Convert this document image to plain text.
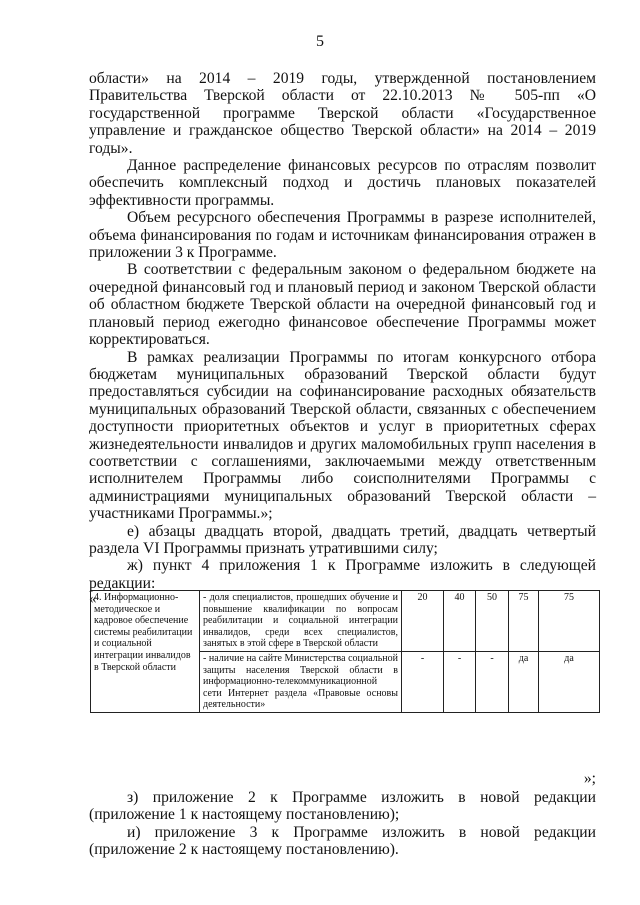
5

области» на 2014 – 2019 годы, утвержденной постановлением Правительства Тверской области от 22.10.2013 № 505-пп «О государственной программе Тверской области «Государственное управление и гражданское общество Тверской области» на 2014 – 2019 годы».

Данное распределение финансовых ресурсов по отраслям позволит обеспечить комплексный подход и достичь плановых показателей эффективности программы.

Объем ресурсного обеспечения Программы в разрезе исполнителей, объема финансирования по годам и источникам финансирования отражен в приложении 3 к Программе.

В соответствии с федеральным законом о федеральном бюджете на очередной финансовый год и плановый период и законом Тверской области об областном бюджете Тверской области на очередной финансовый год и плановый период ежегодно финансовое обеспечение Программы может корректироваться.

В рамках реализации Программы по итогам конкурсного отбора бюджетам муниципальных образований Тверской области будут предоставляться субсидии на софинансирование расходных обязательств муниципальных образований Тверской области, связанных с обеспечением доступности приоритетных объектов и услуг в приоритетных сферах жизнедеятельности инвалидов и других маломобильных групп населения в соответствии с соглашениями, заключаемыми между ответственным исполнителем Программы либо соисполнителями Программы с администрациями муниципальных образований Тверской области – участниками Программы.»;

е) абзацы двадцать второй, двадцать третий, двадцать четвертый раздела VI Программы признать утратившими силу;

ж) пункт 4 приложения 1 к Программе изложить в следующей редакции:

«

4. Информационно-методическое и кадровое обеспечение системы реабилитации и социальной интеграции инвалидов в Тверской области	- доля специалистов, прошедших обучение и повышение квалификации по вопросам реабилитации и социальной интеграции инвалидов, среди всех специалистов, занятых в этой сфере в Тверской области	20	40	50	75	75
	- наличие на сайте Министерства социальной защиты населения Тверской области в информационно-телекоммуникационной сети Интернет раздела «Правовые основы деятельности»	-	-	-	да	да
»;

з) приложение 2 к Программе изложить в новой редакции (приложение 1 к настоящему постановлению);

и) приложение 3 к Программе изложить в новой редакции (приложение 2 к настоящему постановлению).
